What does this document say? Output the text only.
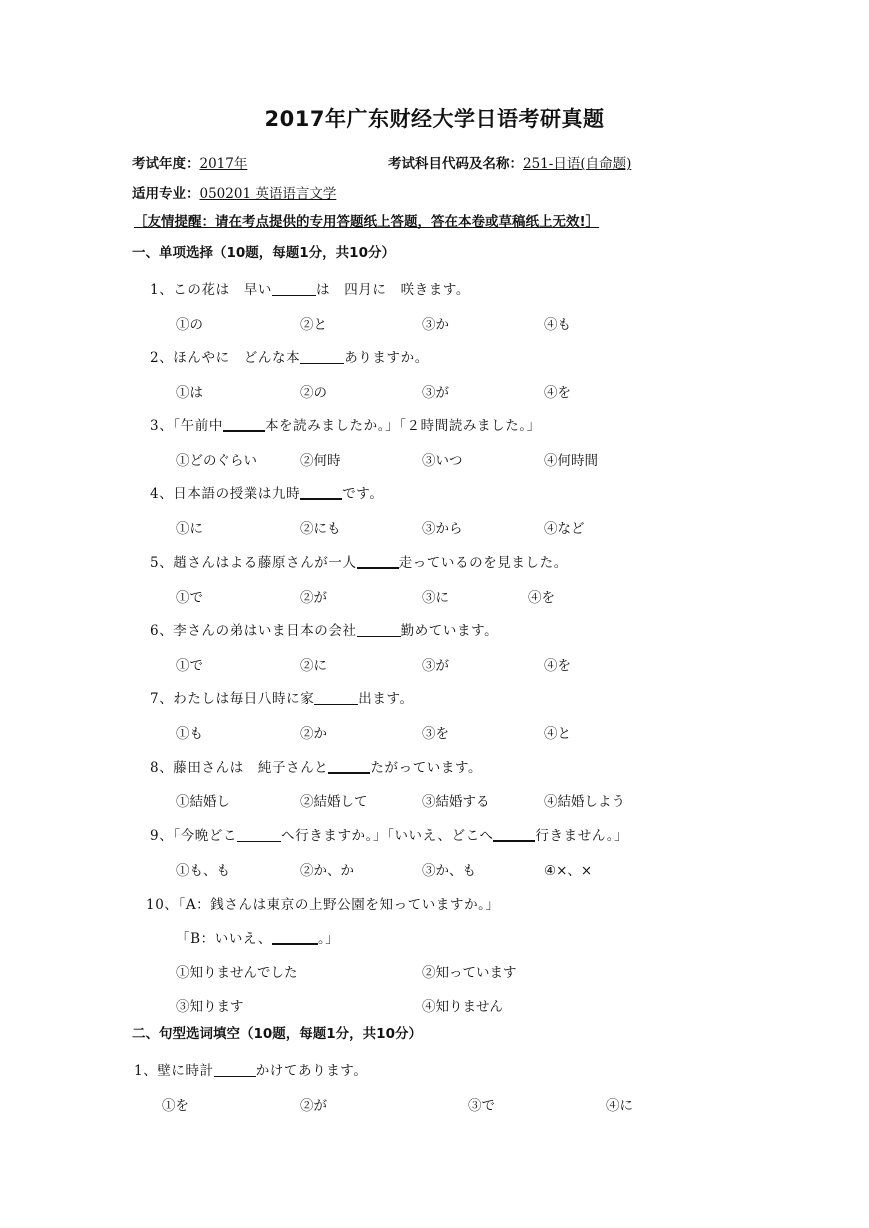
2017年广东财经大学日语考研真题
考试年度：2017年	考试科目代码及名称：251-日语(自命题)
适用专业：050201 英语语言文学
［友情提醒：请在考点提供的专用答题纸上答题，答在本卷或草稿纸上无效!］
一、单项选择（10题，每题1分，共10分）
1、この花は　早い	は　四月に　咲きます。
①の	②と	③か	④も
2、ほんやに　どんな本	ありますか。
①は	②の	③が	④を
3、「午前中	本を読みましたか。」「２時間読みました。」
①どのぐらい	②何時	③いつ	④何時間
4、日本語の授業は九時	です。
①に	②にも	③から	④など
5、趙さんはよる藤原さんが一人	走っているのを見ました。
①で	②が	③に	④を
6、李さんの弟はいま日本の会社	勤めています。
①で	②に	③が	④を
7、わたしは毎日八時に家	出ます。
①も	②か	③を	④と
8、藤田さんは　純子さんと	たがっています。
①結婚し	②結婚して	③結婚する	④結婚しよう
9、「今晩どこ	へ行きますか。」「いいえ、どこへ	行きません。」
①も、も	②か、か	③か、も	④×、×
10、「A：銭さんは東京の上野公園を知っていますか。」
「B：いいえ、	。」
①知りませんでした	②知っています
③知ります	④知りません
二、句型选词填空（10题，每题1分，共10分）
1、壁に時計	かけてあります。
①を	②が	③で	④に
